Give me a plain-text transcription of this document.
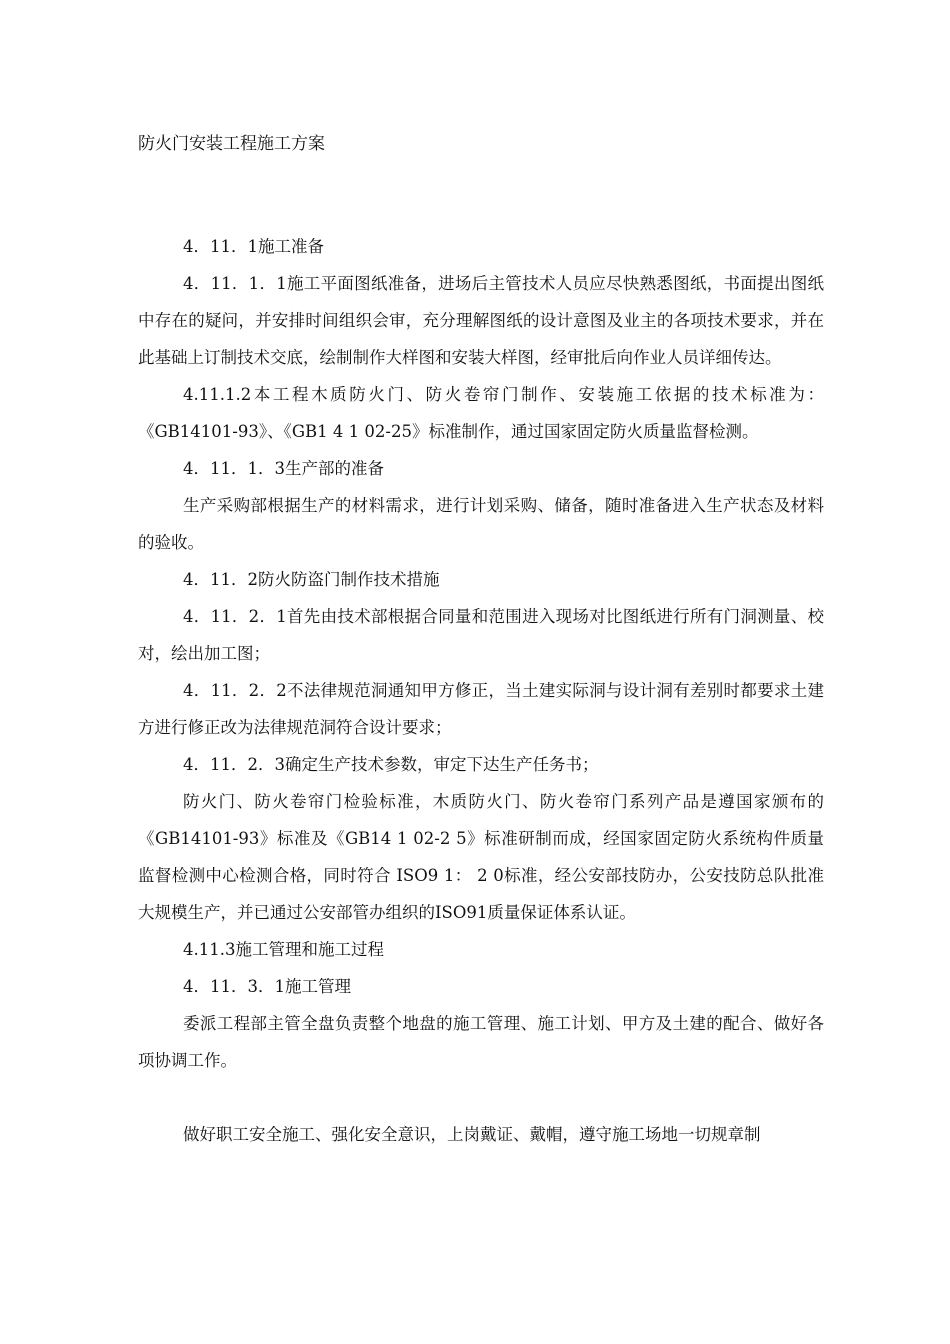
防火门安装工程施工方案

4．11．1施工准备

4．11．1．1施工平面图纸准备，进场后主管技术人员应尽快熟悉图纸，书面提出图纸中存在的疑问，并安排时间组织会审，充分理解图纸的设计意图及业主的各项技术要求，并在此基础上订制技术交底，绘制制作大样图和安装大样图，经审批后向作业人员详细传达。

4.11.1.2本工程木质防火门、防火卷帘门制作、安装施工依据的技术标准为：《GB14101-93》、《GB1 4 1 02-25》标准制作，通过国家固定防火质量监督检测。

4．11．1．3生产部的准备

生产采购部根据生产的材料需求，进行计划采购、储备，随时准备进入生产状态及材料的验收。

4．11．2防火防盗门制作技术措施

4．11．2．1首先由技术部根据合同量和范围进入现场对比图纸进行所有门洞测量、校对，绘出加工图；

4．11．2．2不法律规范洞通知甲方修正，当土建实际洞与设计洞有差别时都要求土建方进行修正改为法律规范洞符合设计要求；

4．11．2．3确定生产技术参数，审定下达生产任务书；

防火门、防火卷帘门检验标准，木质防火门、防火卷帘门系列产品是遵国家颁布的《GB14101-93》标准及《GB14 1 02-2 5》标准研制而成，经国家固定防火系统构件质量监督检测中心检测合格，同时符合 ISO9 1： 2 0标准，经公安部技防办，公安技防总队批准大规模生产，并已通过公安部管办组织的ISO91质量保证体系认证。

4.11.3施工管理和施工过程

4．11．3．1施工管理

委派工程部主管全盘负责整个地盘的施工管理、施工计划、甲方及土建的配合、做好各项协调工作。

做好职工安全施工、强化安全意识，上岗戴证、戴帽，遵守施工场地一切规章制
